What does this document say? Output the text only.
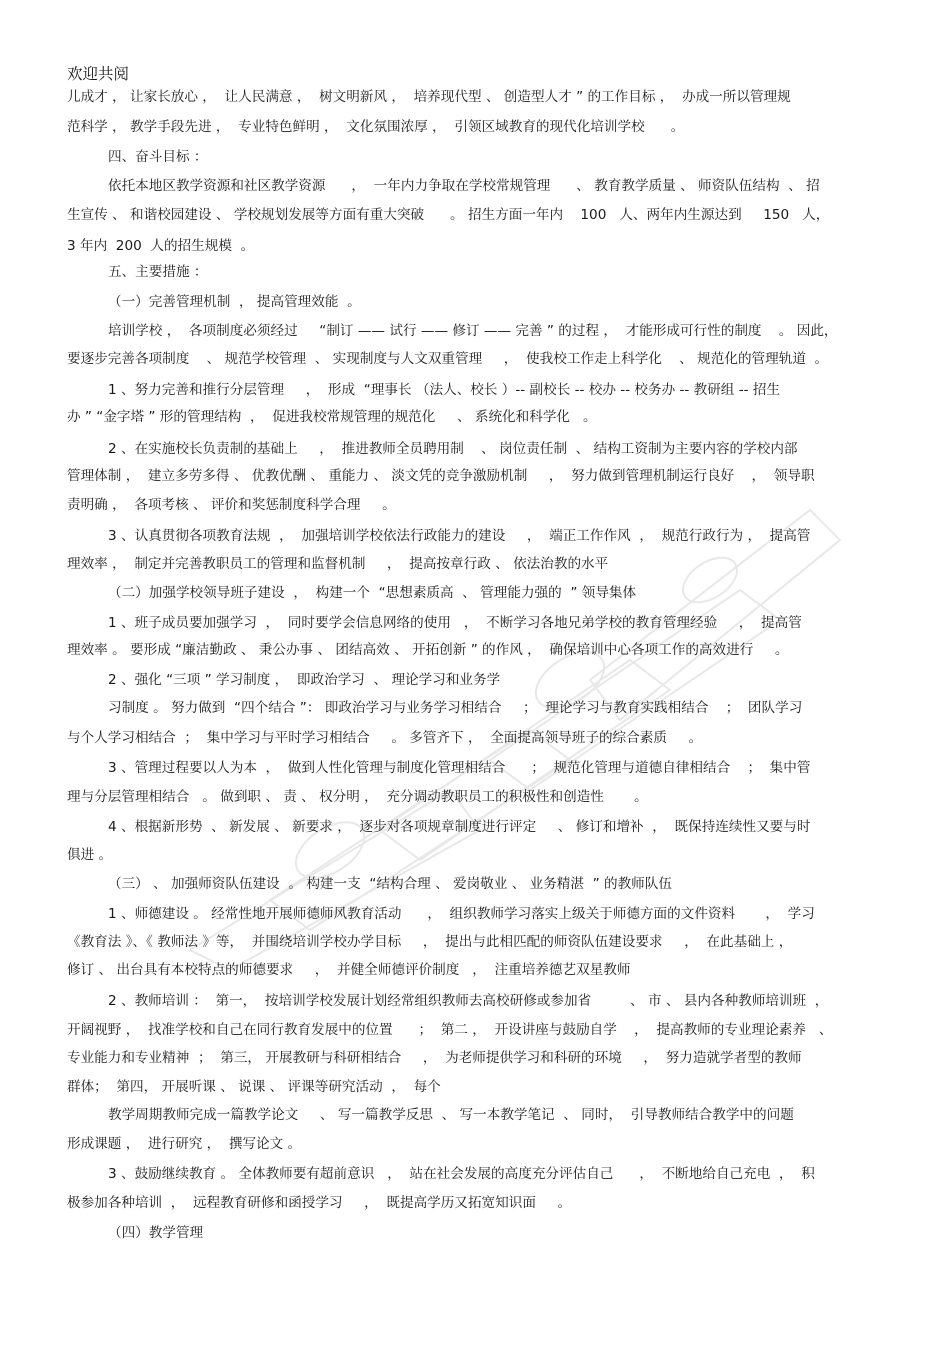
欢迎共阅
儿成才 ， 让家长放心 ，  让人民满意 ，  树文明新风 ，  培养现代型 、 创造型人才 ” 的工作目标 ，  办成一所以管理规
范科学 ， 教学手段先进 ，  专业特色鲜明 ，  文化氛围浓厚 ，  引领区域教育的现代化培训学校      。
四、奋斗目标 ：
依托本地区教学资源和社区教学资源      ，  一年内力争取在学校常规管理      、 教育教学质量 、 师资队伍结构  、 招
生宣传 、 和谐校园建设 、 学校规划发展等方面有重大突破      。 招生方面一年内    100   人、两年内生源达到     150   人，
3 年内  200  人的招生规模  。
五、主要措施 ：
（一）完善管理机制  ， 提高管理效能  。
培训学校 ，  各项制度必须经过     “制订 —— 试行 —— 修订 —— 完善 ” 的过程 ，  才能形成可行性的制度    。 因此，
要逐步完善各项制度    、 规范学校管理  、 实现制度与人文双重管理     ，  使我校工作走上科学化    、 规范化的管理轨道  。
1 、努力完善和推行分层管理     ，  形成  “理事长 （法人、校长 ）-- 副校长 -- 校办 -- 校务办 -- 教研组 -- 招生
办 ” “金字塔 ” 形的管理结构  ，  促进我校常规管理的规范化     、 系统化和科学化   。
2 、在实施校长负责制的基础上     ，  推进教师全员聘用制    、 岗位责任制  、 结构工资制为主要内容的学校内部
管理体制 ，  建立多劳多得 、 优教优酬 、 重能力 、 淡文凭的竞争激励机制     ，  努力做到管理机制运行良好    ，  领导职
责明确 ，  各项考核 、 评价和奖惩制度科学合理     。
3 、认真贯彻各项教育法规  ，  加强培训学校依法行政能力的建设     ，  端正工作作风  ，  规范行政行为 ，  提高管
理效率 ，  制定并完善教职员工的管理和监督机制     ，  提高按章行政 、 依法治教的水平
（二）加强学校领导班子建设  ，  构建一个  “思想素质高  、 管理能力强的  ” 领导集体
1 、班子成员要加强学习  ，  同时要学会信息网络的使用   ，  不断学习各地兄弟学校的教育管理经验     ，  提高管
理效率 。 要形成 “廉洁勤政 、 秉公办事 、 团结高效 、 开拓创新 ” 的作风 ，  确保培训中心各项工作的高效进行     。
2 、强化 “三项 ” 学习制度 ，  即政治学习  、 理论学习和业务学
习制度 。 努力做到  “四个结合 ”： 即政治学习与业务学习相结合     ；  理论学习与教育实践相结合    ；  团队学习
与个人学习相结合  ；  集中学习与平时学习相结合     。 多管齐下 ，  全面提高领导班子的综合素质     。
3 、管理过程要以人为本  ，  做到人性化管理与制度化管理相结合      ；  规范化管理与道德自律相结合    ；  集中管
理与分层管理相结合   。 做到职 、 责 、 权分明 ，  充分调动教职员工的积极性和创造性       。
4 、根据新形势  、 新发展 、 新要求 ，  逐步对各项规章制度进行评定     、 修订和增补  ，  既保持连续性又要与时
俱进 。
（三） 、 加强师资队伍建设  。 构建一支  “结构合理 、 爱岗敬业 、 业务精湛  ” 的教师队伍
1 、师德建设 。 经常性地开展师德师风教育活动      ，  组织教师学习落实上级关于师德方面的文件资料       ，  学习
《教育法 》、《 教师法 》等，  并围绕培训学校办学目标     ，  提出与此相匹配的师资队伍建设要求     ，  在此基础上 ，
修订 、 出台具有本校特点的师德要求     ，  并健全师德评价制度   ，  注重培养德艺双星教师
2 、教师培训 ：  第一，  按培训学校发展计划经常组织教师去高校研修或参加省         、 市 、 县内各种教师培训班  ，
开阔视野 ，  找准学校和自己在同行教育发展中的位置      ；  第二 ，  开设讲座与鼓励自学    ，  提高教师的专业理论素养   、
专业能力和专业精神  ；  第三， 开展教研与科研相结合     ，  为老师提供学习和科研的环境     ，  努力造就学者型的教师
群体；  第四， 开展听课 、 说课 、 评课等研究活动  ，  每个
教学周期教师完成一篇教学论文     、 写一篇教学反思  、 写一本教学笔记  、 同时，  引导教师结合教学中的问题
形成课题 ，  进行研究 ，  撰写论文 。
3 、鼓励继续教育 。 全体教师要有超前意识   ，  站在社会发展的高度充分评估自己      ，  不断地给自己充电  ，  积
极参加各种培训  ，  远程教育研修和函授学习     ，  既提高学历又拓宽知识面     。
（四）教学管理
